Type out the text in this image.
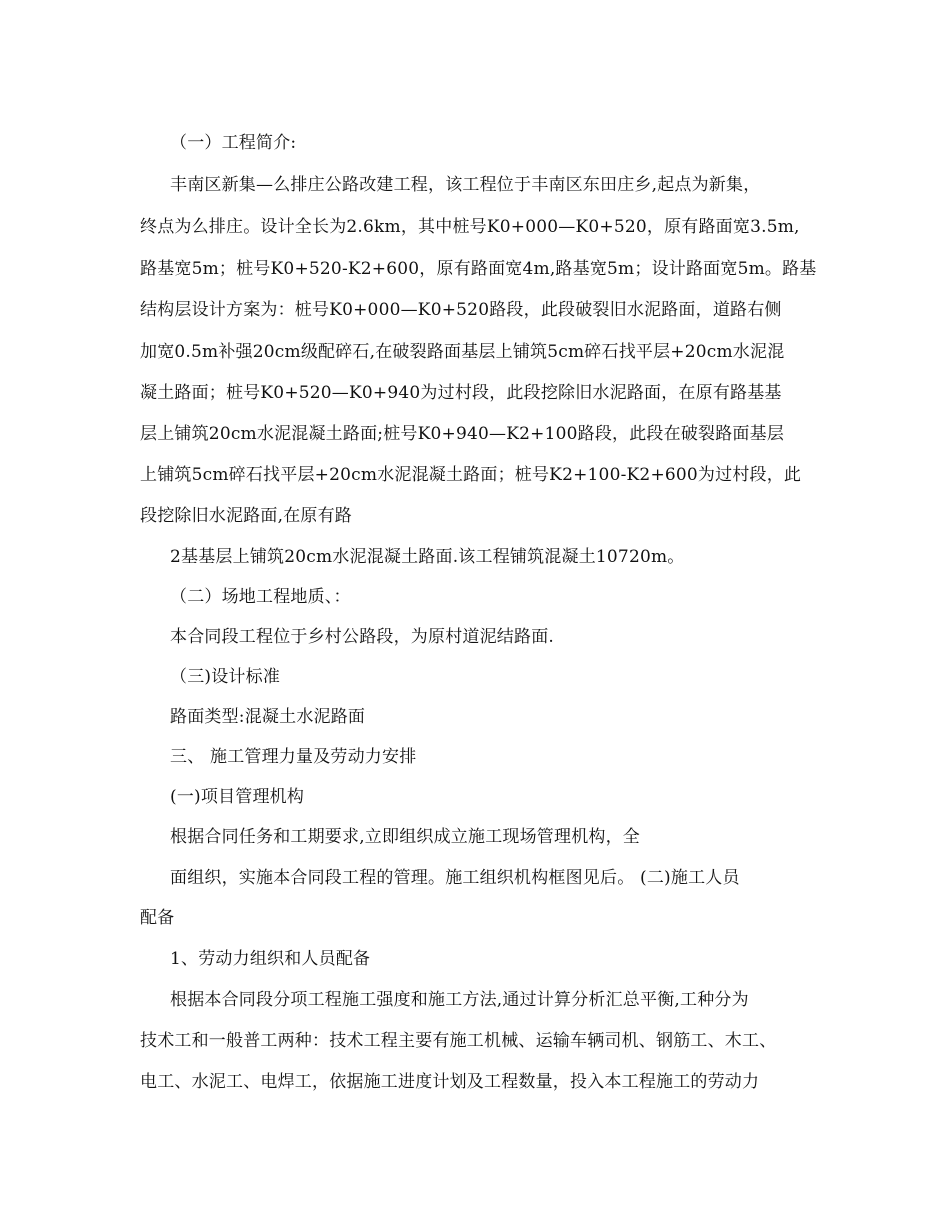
（一）工程简介:
丰南区新集—么排庄公路改建工程，该工程位于丰南区东田庄乡,起点为新集，
终点为么排庄。设计全长为2.6km，其中桩号K0+000—K0+520，原有路面宽3.5m,
路基宽5m；桩号K0+520-K2+600，原有路面宽4m,路基宽5m；设计路面宽5m。路基
结构层设计方案为：桩号K0+000—K0+520路段，此段破裂旧水泥路面，道路右侧
加宽0.5m补强20cm级配碎石,在破裂路面基层上铺筑5cm碎石找平层+20cm水泥混
凝土路面；桩号K0+520—K0+940为过村段，此段挖除旧水泥路面，在原有路基基
层上铺筑20cm水泥混凝土路面;桩号K0+940—K2+100路段，此段在破裂路面基层
上铺筑5cm碎石找平层+20cm水泥混凝土路面；桩号K2+100-K2+600为过村段，此
段挖除旧水泥路面,在原有路
2基基层上铺筑20cm水泥混凝土路面.该工程铺筑混凝土10720m。
（二）场地工程地质、：
本合同段工程位于乡村公路段，为原村道泥结路面.
（三)设计标准
路面类型:混凝土水泥路面
三、 施工管理力量及劳动力安排
(一)项目管理机构
根据合同任务和工期要求,立即组织成立施工现场管理机构，全
面组织，实施本合同段工程的管理。施工组织机构框图见后。 (二)施工人员
配备
1、劳动力组织和人员配备
根据本合同段分项工程施工强度和施工方法,通过计算分析汇总平衡,工种分为
技术工和一般普工两种：技术工程主要有施工机械、运输车辆司机、钢筋工、木工、
电工、水泥工、电焊工，依据施工进度计划及工程数量，投入本工程施工的劳动力
